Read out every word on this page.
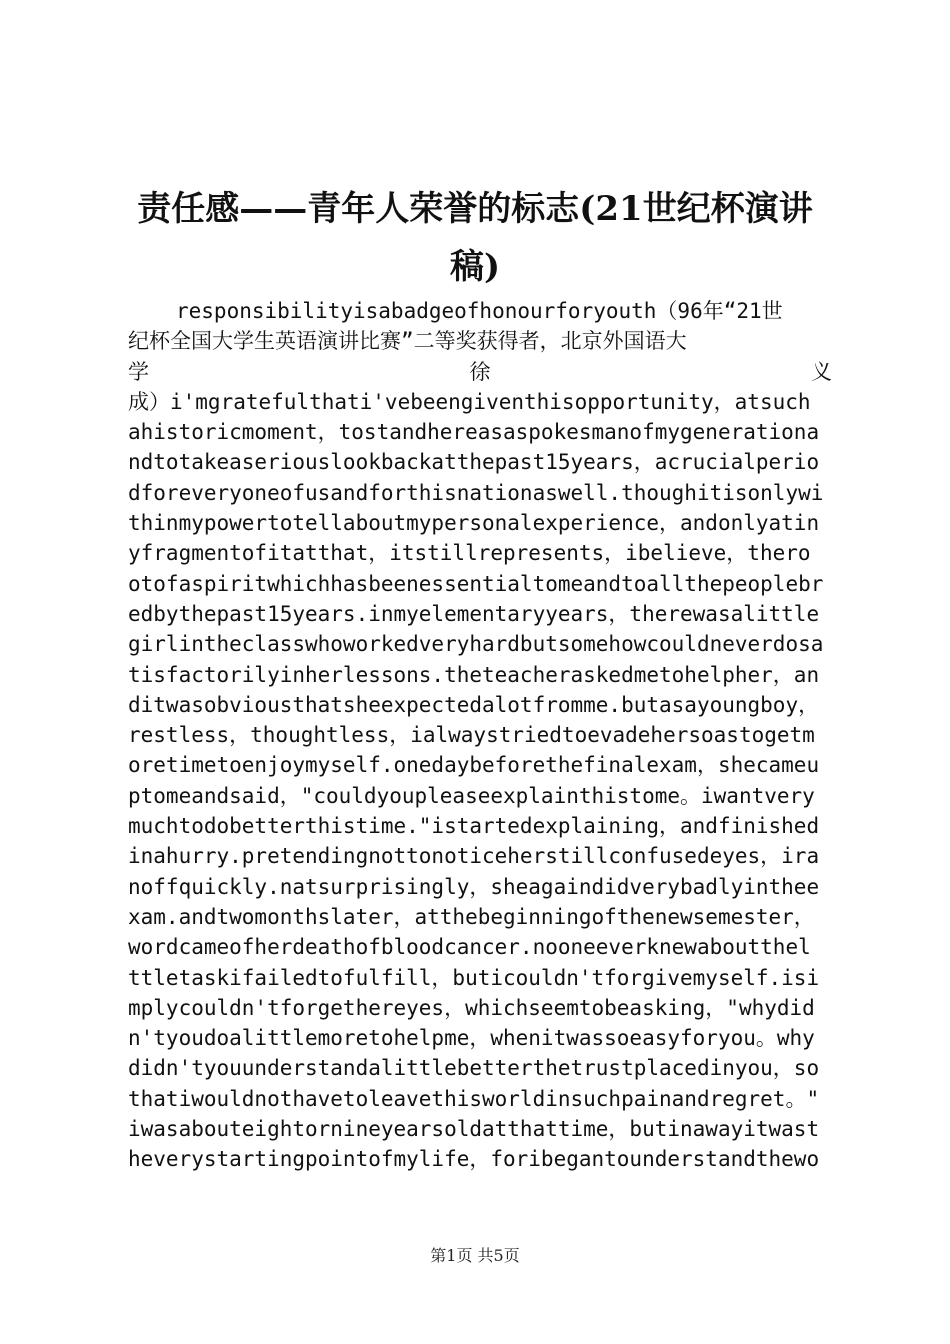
责任感——青年人荣誉的标志(21世纪杯演讲
稿)
responsibilityisabadgeofhonourforyouth（96年“21世
纪杯全国大学生英语演讲比赛”二等奖获得者，北京外国语大
学	徐	义
成）i'mgratefulthati'vebeengiventhisopportunity，atsuch
ahistoricmoment，tostandhereasaspokesmanofmygenerationa
ndtotakeaseriouslookbackatthepast15years，acrucialperio
dforeveryoneofusandforthisnationaswell.thoughitisonlywi
thinmypowertotellaboutmypersonalexperience，andonlyatin
yfragmentofitatthat，itstillrepresents，ibelieve，thero
otofaspiritwhichhasbeenessentialtomeandtoallthepeoplebr
edbythepast15years.inmyelementaryyears，therewasalittle
girlintheclasswhoworkedveryhardbutsomehowcouldneverdosa
tisfactorilyinherlessons.theteacheraskedmetohelpher，an
ditwasobviousthatsheexpectedalotfromme.butasayoungboy，
restless，thoughtless，ialwaystriedtoevadehersoastogetm
oretimetoenjoymyself.onedaybeforethefinalexam，shecameu
ptomeandsaid，"couldyoupleaseexplainthistome。iwantvery
muchtodobetterthistime."istartedexplaining，andfinished
inahurry.pretendingnottonoticeherstillconfusedeyes，ira
noffquickly.natsurprisingly，sheagaindidverybadlyinthee
xam.andtwomonthslater，atthebeginningofthenewsemester，
wordcameofherdeathofbloodcancer.nooneeverknewaboutthel
ttletaskifailedtofulfill，buticouldn'tforgivemyself.isi
mplycouldn'tforgethereyes，whichseemtobeasking，"whydid
n'tyoudoalittlemoretohelpme，whenitwassoeasyforyou。why
didn'tyouunderstandalittlebetterthetrustplacedinyou，so
thatiwouldnothavetoleavethisworldinsuchpainandregret。"
iwasabouteightornineyearsoldatthattime，butinawayitwast
heverystartingpointofmylife，foribegantounderstandthewo
第1页 共5页
